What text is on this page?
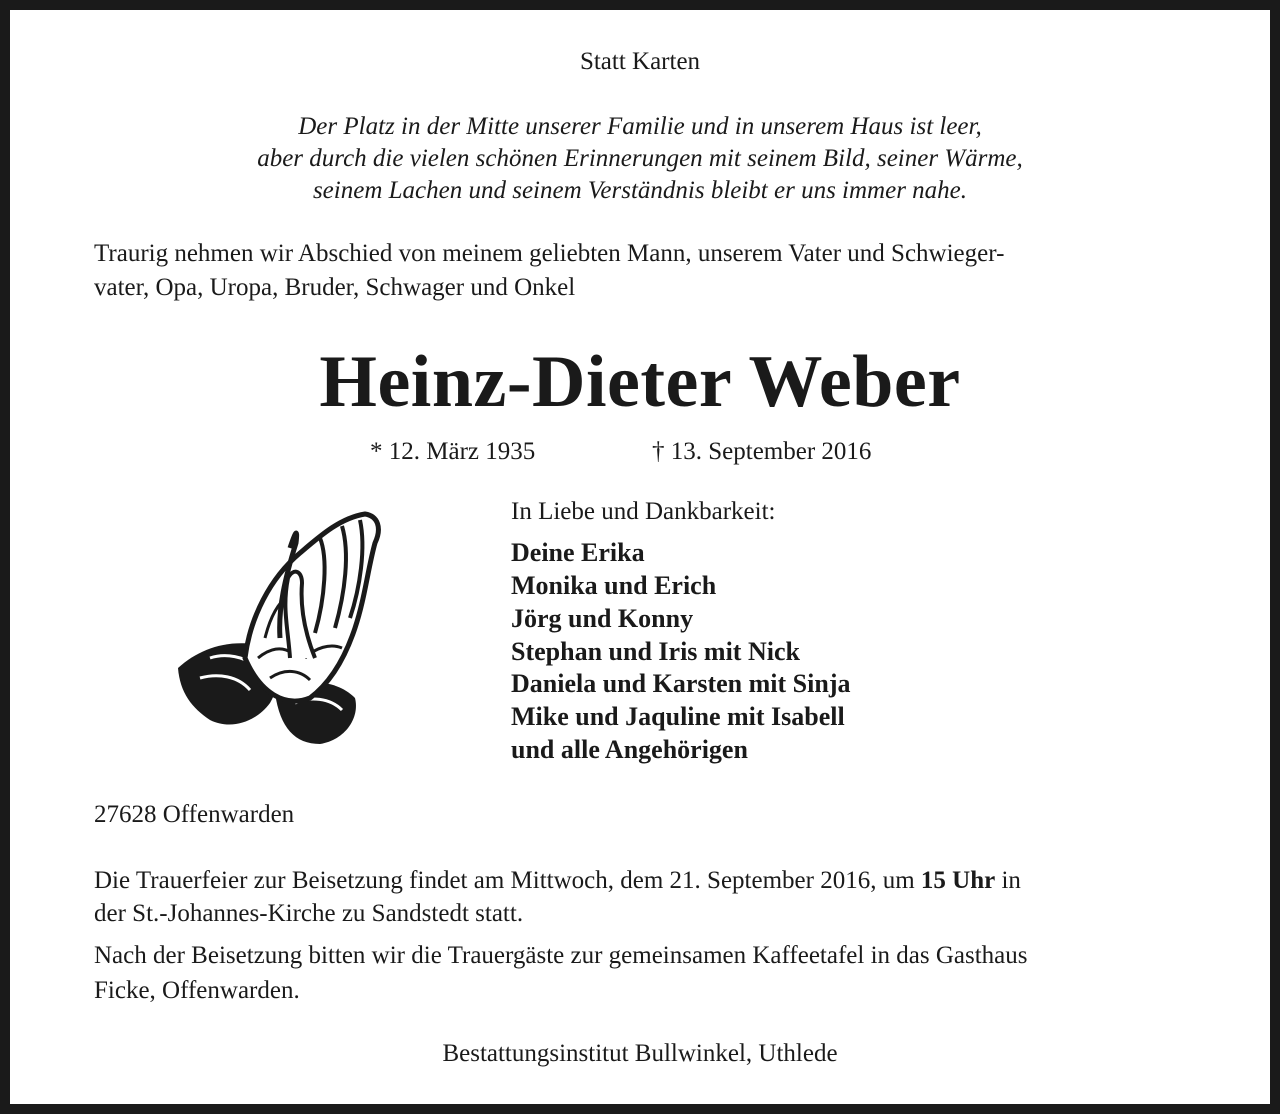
Statt Karten

Der Platz in der Mitte unserer Familie und in unserem Haus ist leer,

aber durch die vielen schönen Erinnerungen mit seinem Bild, seiner Wärme,

seinem Lachen und seinem Verständnis bleibt er uns immer nahe.

Traurig nehmen wir Abschied von meinem geliebten Mann, unserem Vater und Schwieger-

vater, Opa, Uropa, Bruder, Schwager und Onkel

Heinz-Dieter Weber

* 12. März 1935	† 13. September 2016

In Liebe und Dankbarkeit:

Deine Erika

Monika und Erich

Jörg und Konny

Stephan und Iris mit Nick

Daniela und Karsten mit Sinja

Mike und Jaquline mit Isabell

und alle Angehörigen

27628 Offenwarden

Die Trauerfeier zur Beisetzung findet am Mittwoch, dem 21. September 2016, um 15 Uhr in

der St.-Johannes-Kirche zu Sandstedt statt.

Nach der Beisetzung bitten wir die Trauergäste zur gemeinsamen Kaffeetafel in das Gasthaus

Ficke, Offenwarden.

Bestattungsinstitut Bullwinkel, Uthlede
